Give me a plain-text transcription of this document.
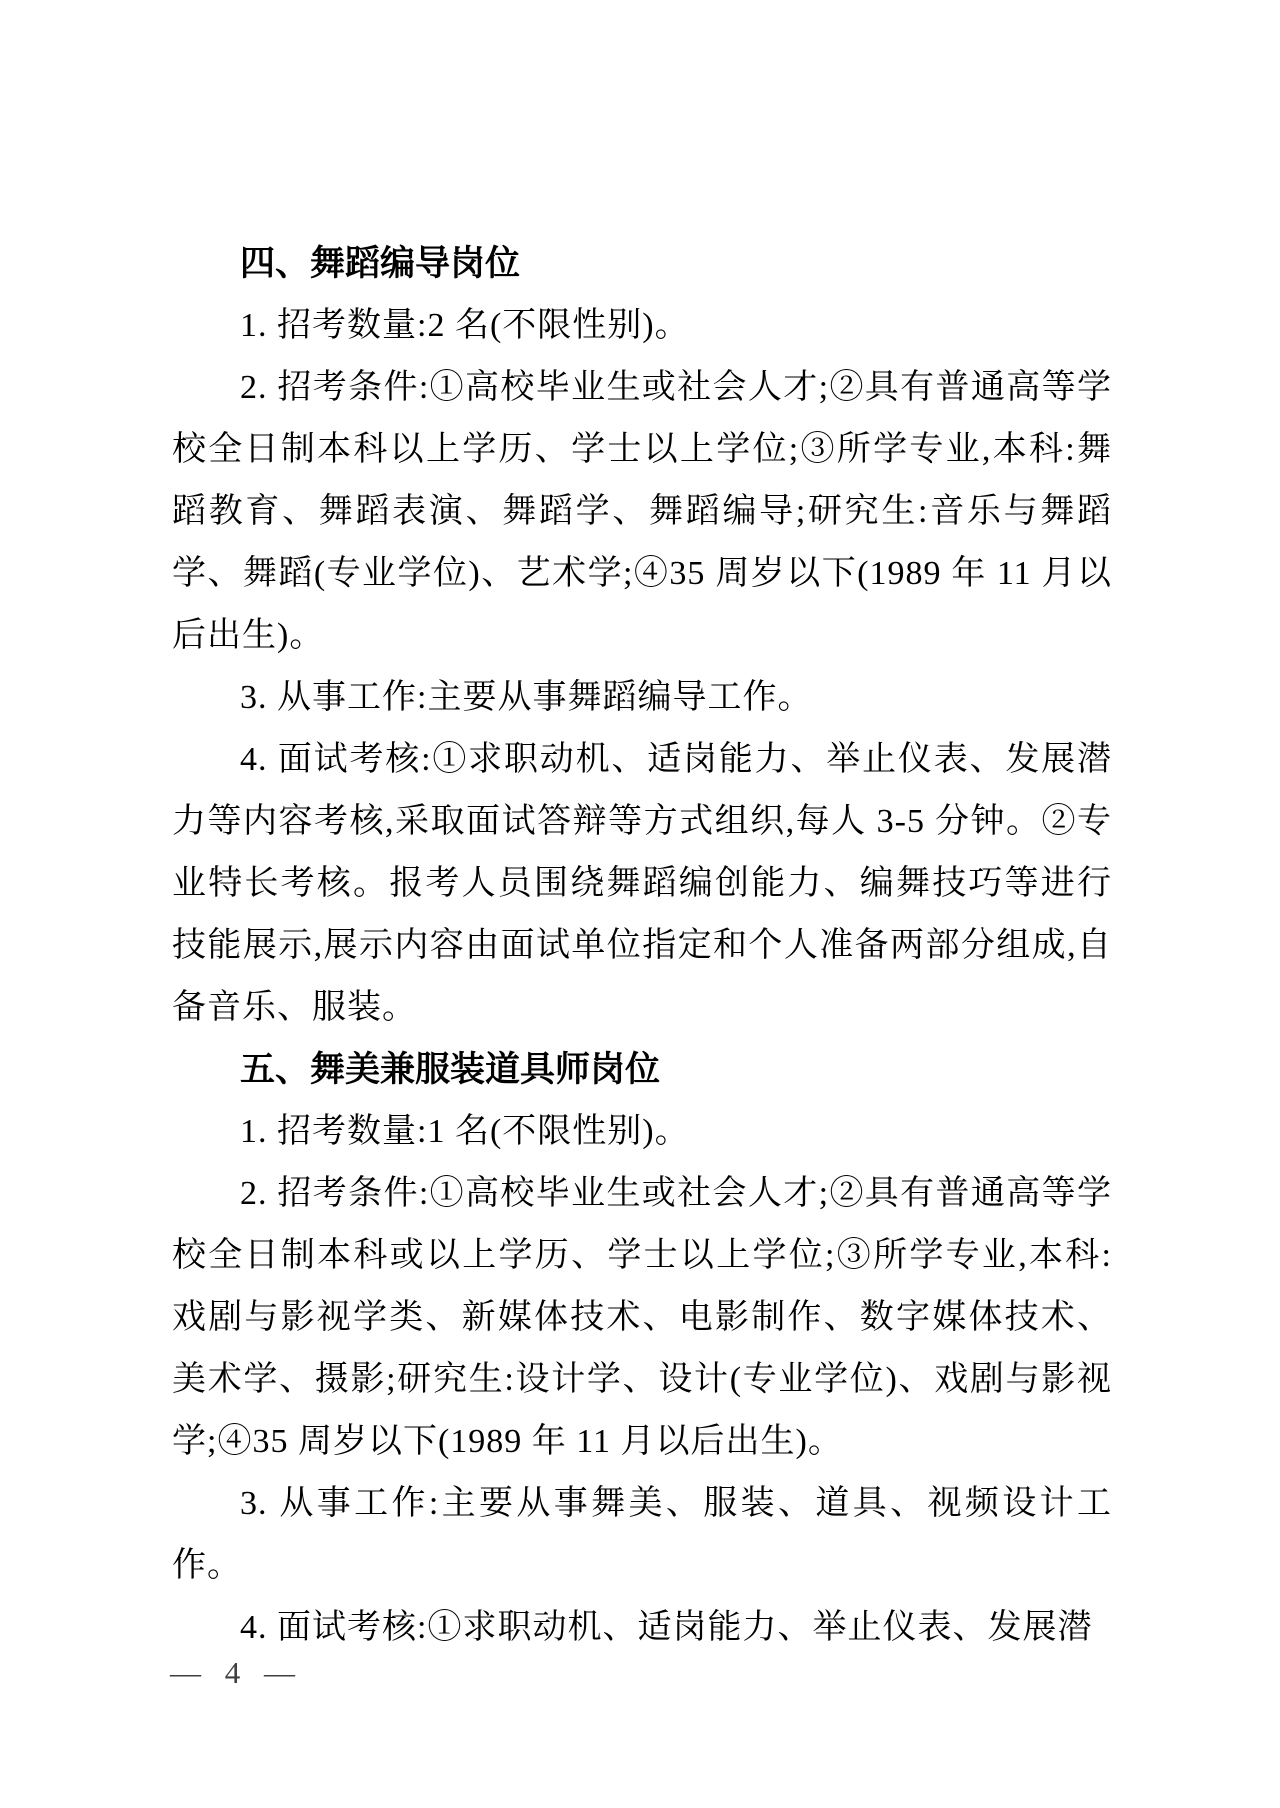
四、舞蹈编导岗位

1. 招考数量:2 名(不限性别)。

2. 招考条件:①高校毕业生或社会人才;②具有普通高等学校全日制本科以上学历、学士以上学位;③所学专业,本科:舞蹈教育、舞蹈表演、舞蹈学、舞蹈编导;研究生:音乐与舞蹈学、舞蹈(专业学位)、艺术学;④35 周岁以下(1989 年 11 月以后出生)。

3. 从事工作:主要从事舞蹈编导工作。

4. 面试考核:①求职动机、适岗能力、举止仪表、发展潜力等内容考核,采取面试答辩等方式组织,每人 3-5 分钟。②专业特长考核。报考人员围绕舞蹈编创能力、编舞技巧等进行技能展示,展示内容由面试单位指定和个人准备两部分组成,自备音乐、服装。

五、舞美兼服装道具师岗位

1. 招考数量:1 名(不限性别)。

2. 招考条件:①高校毕业生或社会人才;②具有普通高等学校全日制本科或以上学历、学士以上学位;③所学专业,本科:戏剧与影视学类、新媒体技术、电影制作、数字媒体技术、美术学、摄影;研究生:设计学、设计(专业学位)、戏剧与影视学;④35 周岁以下(1989 年 11 月以后出生)。

3. 从事工作:主要从事舞美、服装、道具、视频设计工作。

4. 面试考核:①求职动机、适岗能力、举止仪表、发展潜

— 4 —
